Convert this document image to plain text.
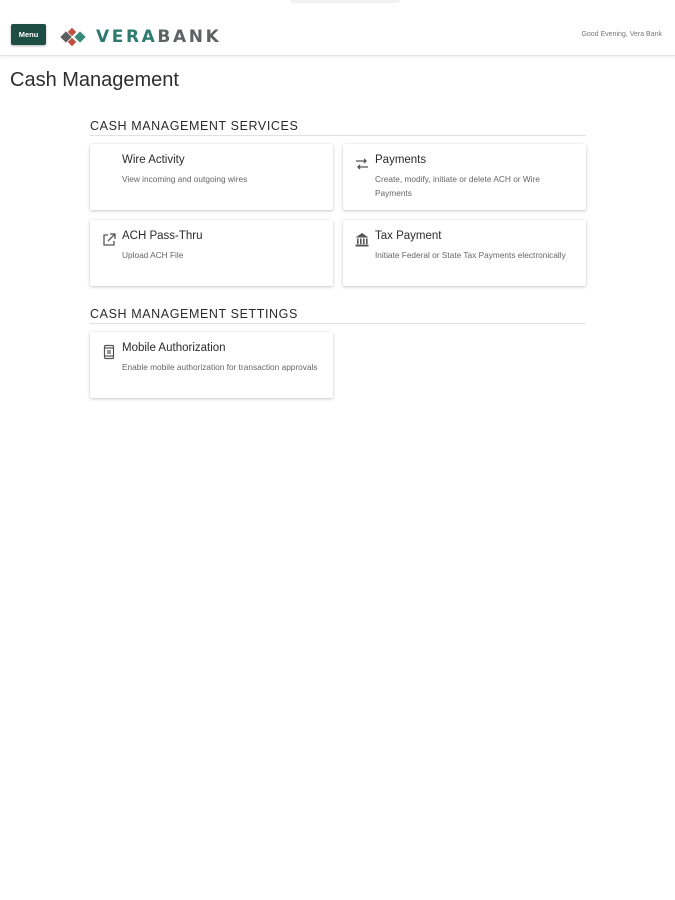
Menu	VERABANK	Good Evening, Vera Bank
Cash Management
CASH MANAGEMENT SERVICES
Wire Activity
View incoming and outgoing wires
Payments
Create, modify, initiate or delete ACH or Wire Payments
ACH Pass-Thru
Upload ACH File
Tax Payment
Initiate Federal or State Tax Payments electronically
CASH MANAGEMENT SETTINGS
Mobile Authorization
Enable mobile authorization for transaction approvals
